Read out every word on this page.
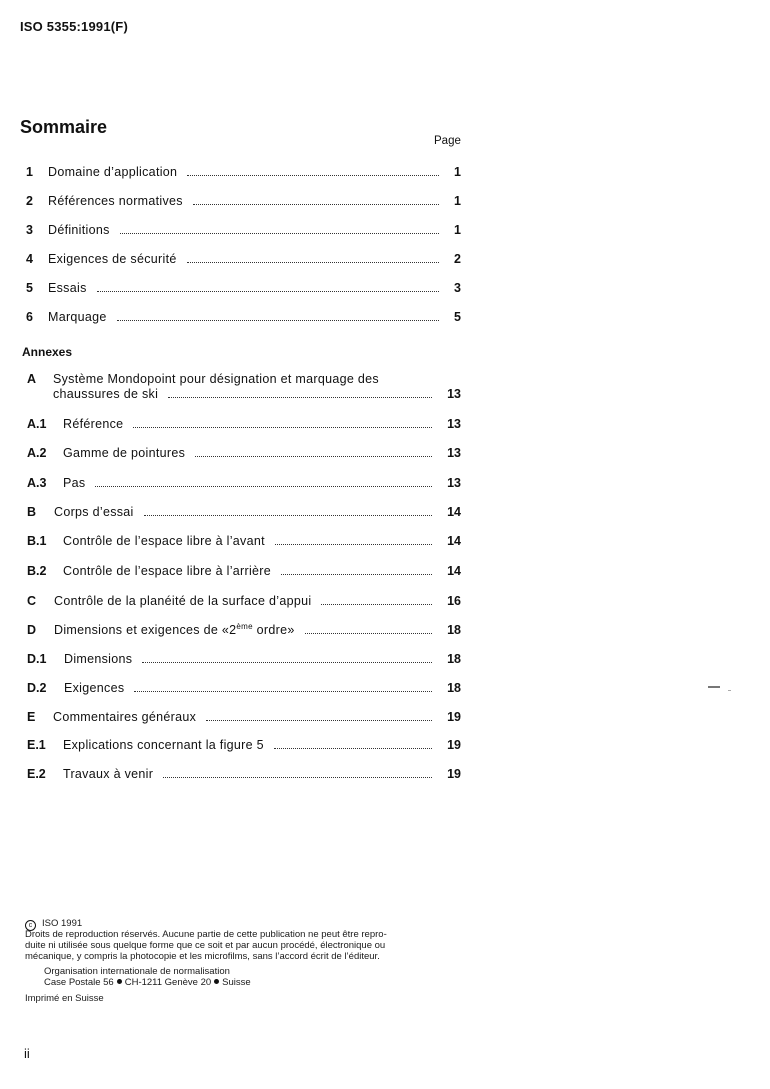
ISO 5355:1991(F)
Sommaire
Page
1 Domaine d’application	1
2 Références normatives	1
3 Définitions	1
4 Exigences de sécurité	2
5 Essais	3
6 Marquage	5
Annexes
A Système Mondopoint pour désignation et marquage des
chaussures de ski	13
A.1 Référence	13
A.2 Gamme de pointures	13
A.3 Pas	13
B Corps d’essai	14
B.1 Contrôle de l’espace libre à l’avant	14
B.2 Contrôle de l’espace libre à l’arrière	14
C Contrôle de la planéité de la surface d’appui	16
D Dimensions et exigences de «2ème ordre»	18
D.1 Dimensions	18
D.2 Exigences	18
E Commentaires généraux	19
E.1 Explications concernant la figure 5	19
E.2 Travaux à venir	19
c ISO 1991
Droits de reproduction réservés. Aucune partie de cette publication ne peut être repro-
duite ni utilisée sous quelque forme que ce soit et par aucun procédé, électronique ou
mécanique, y compris la photocopie et les microfilms, sans l’accord écrit de l’éditeur.
Organisation internationale de normalisation
Case Postale 56 CH-1211 Genève 20 Suisse
Imprimé en Suisse
ii
